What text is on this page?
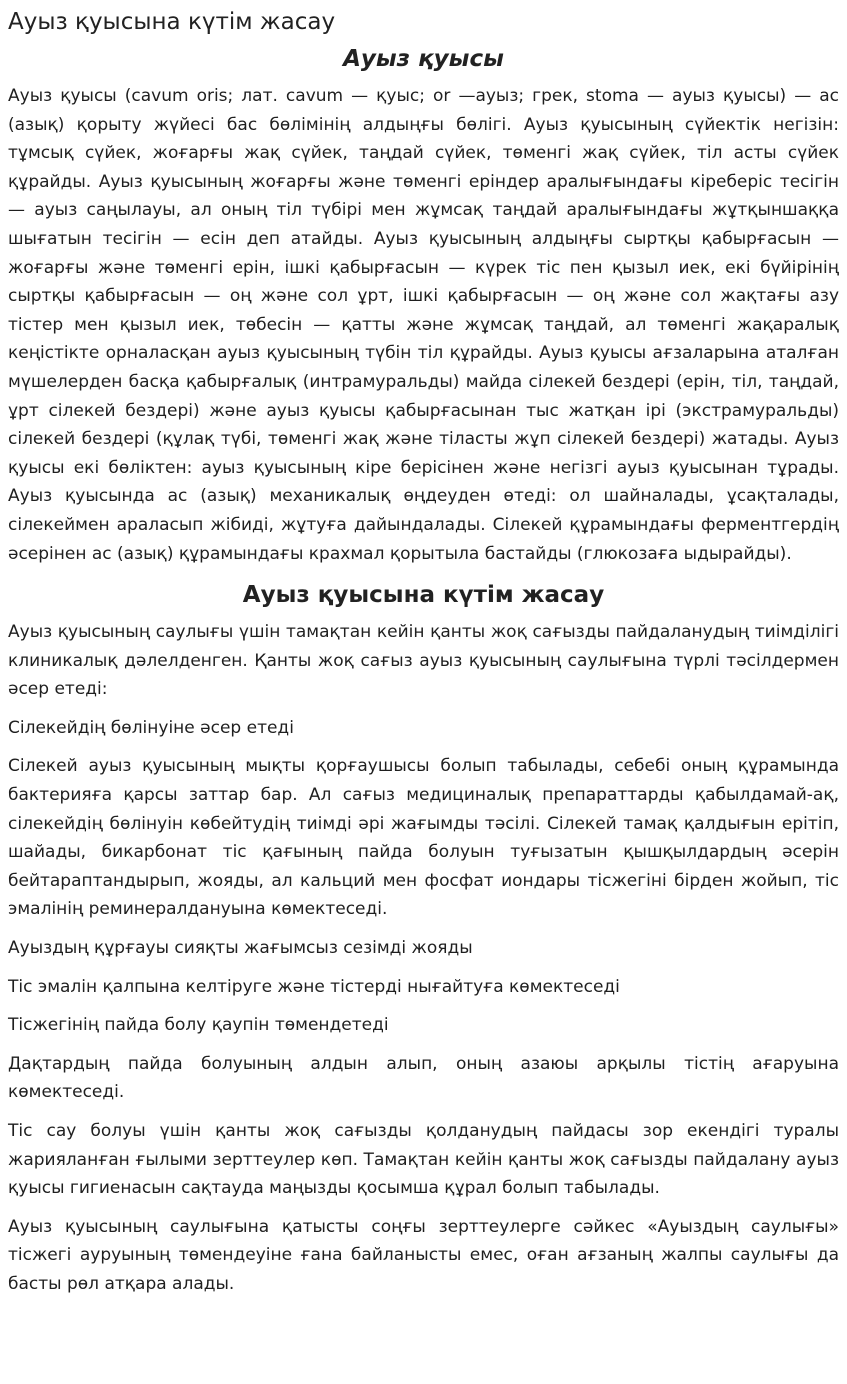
Ауыз қуысына күтім жасау
Ауыз қуысы

Ауыз қуысы (cavum oris; лат. cavum — қуыс; or —ауыз; грек, stoma — ауыз қуысы) — ас (азық) қорыту жүйесі бас бөлімінің алдыңғы бөлігі. Ауыз қуысының сүйектік негізін: тұмсық сүйек, жоғарғы жақ сүйек, таңдай сүйек, төменгі жақ сүйек, тіл асты сүйек құрайды. Ауыз қуысының жоғарғы және төменгі еріндер аралығындағы кіреберіс тесігін — ауыз саңылауы, ал оның тіл түбірі мен жұмсақ таңдай аралығындағы жұтқыншаққа шығатын тесігін — есін деп атайды. Ауыз қуысының алдыңғы сыртқы қабырғасын — жоғарғы және төменгі ерін, ішкі қабырғасын — күрек тіс пен қызыл иек, екі бүйірінің сыртқы қабырғасын — оң және сол ұрт, ішкі қабырғасын — оң және сол жақтағы азу тістер мен қызыл иек, төбесін — қатты және жұмсақ таңдай, ал төменгі жақаралық кеңістікте орналасқан ауыз қуысының түбін тіл құрайды. Ауыз қуысы ағзаларына аталған мүшелерден басқа қабырғалық (интрамуральды) майда сілекей бездері (ерін, тіл, таңдай, ұрт сілекей бездері) және ауыз қуысы қабырғасынан тыс жатқан ірі (экстрамуральды) сілекей бездері (құлақ түбі, төменгі жақ және тіласты жұп сілекей бездері) жатады. Ауыз қуысы екі бөліктен: ауыз қуысының кіре берісінен және негізгі ауыз қуысынан тұрады. Ауыз қуысында ас (азық) механикалық өңдеуден өтеді: ол шайналады, ұсақталады, сілекеймен араласып жібиді, жұтуға дайындалады. Сілекей құрамындағы ферментгердің әсерінен ас (азық) құрамындағы крахмал қорытыла бастайды (глюкозаға ыдырайды).

Ауыз қуысына күтім жасау

Ауыз қуысының саулығы үшін тамақтан кейін қанты жоқ сағызды пайдаланудың тиімділігі клиникалық дәлелденген. Қанты жоқ сағыз ауыз қуысының саулығына түрлі тәсілдермен әсер етеді:

Сілекейдің бөлінуіне әсер етеді

Сілекей ауыз қуысының мықты қорғаушысы болып табылады, себебі оның құрамында бактерияға қарсы заттар бар. Ал сағыз медициналық препараттарды қабылдамай-ақ, сілекейдің бөлінуін көбейтудің тиімді әрі жағымды тәсілі. Сілекей тамақ қалдығын ерітіп, шайады, бикарбонат тіс қағының пайда болуын туғызатын қышқылдардың әсерін бейтараптандырып, жояды, ал кальций мен фосфат иондары тісжегіні бірден жойып, тіс эмалінің реминералдануына көмектеседі.

Ауыздың құрғауы сияқты жағымсыз сезімді жояды

Тіс эмалін қалпына келтіруге және тістерді нығайтуға көмектеседі

Тісжегінің пайда болу қаупін төмендетеді

Дақтардың пайда болуының алдын алып, оның азаюы арқылы тістің ағаруына көмектеседі.

Тіс сау болуы үшін қанты жоқ сағызды қолданудың пайдасы зор екендігі туралы жарияланған ғылыми зерттеулер көп. Тамақтан кейін қанты жоқ сағызды пайдалану ауыз қуысы гигиенасын сақтауда маңызды қосымша құрал болып табылады.

Ауыз қуысының саулығына қатысты соңғы зерттеулерге сәйкес «Ауыздың саулығы» тісжегі ауруының төмендеуіне ғана байланысты емес, оған ағзаның жалпы саулығы да басты рөл атқара алады.
